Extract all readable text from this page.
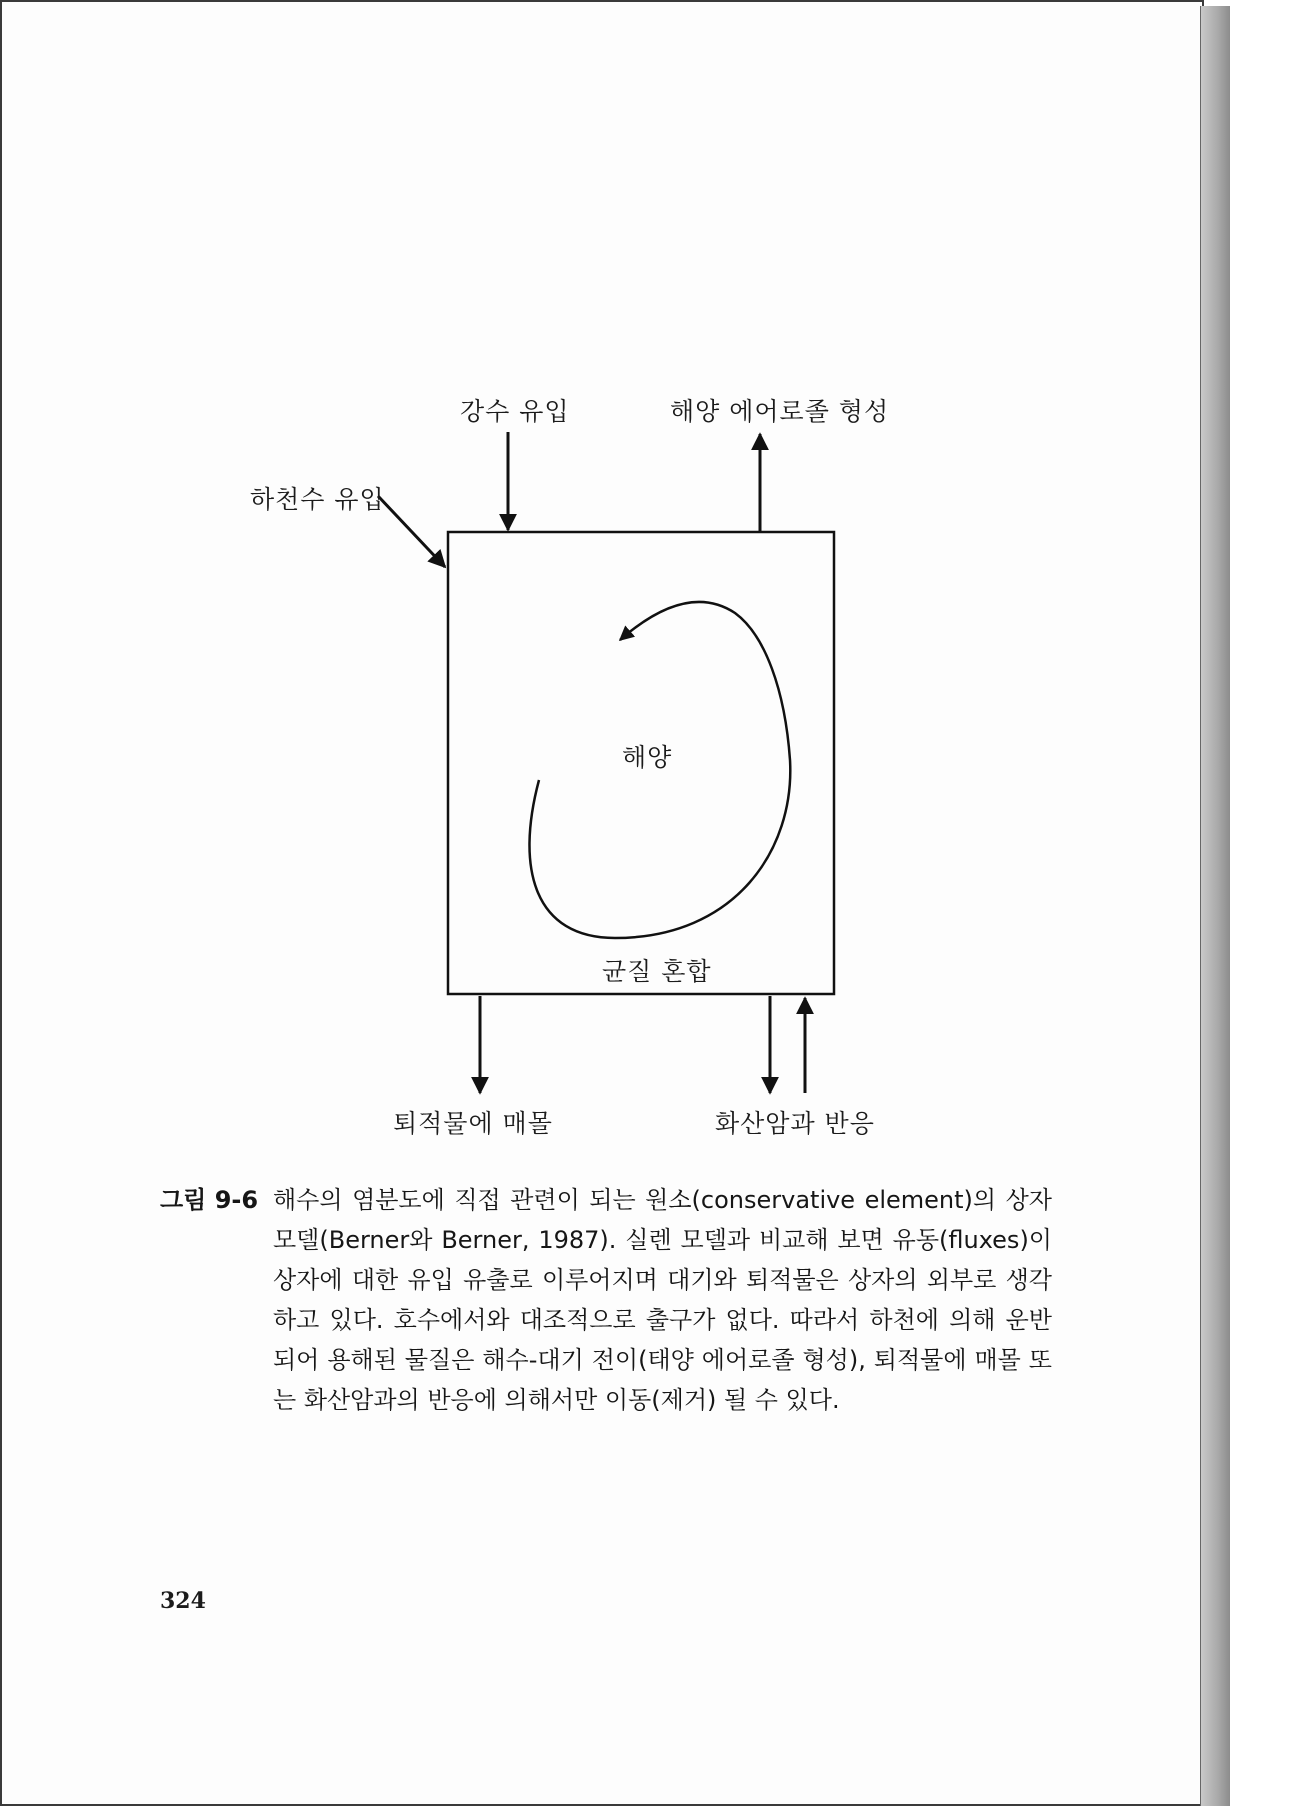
강수 유입	해양 에어로졸 형성
하천수 유입
해양
균질 혼합
퇴적물에 매몰	화산암과 반응
그림 9-6 해수의 염분도에 직접 관련이 되는 원소(conservative element)의 상자 모델(Berner와 Berner, 1987). 실렌 모델과 비교해 보면 유동(fluxes)이 상자에 대한 유입 유출로 이루어지며 대기와 퇴적물은 상자의 외부로 생각하고 있다. 호수에서와 대조적으로 출구가 없다. 따라서 하천에 의해 운반되어 용해된 물질은 해수-대기 전이(태양 에어로졸 형성), 퇴적물에 매몰 또는 화산암과의 반응에 의해서만 이동(제거) 될 수 있다.
324
